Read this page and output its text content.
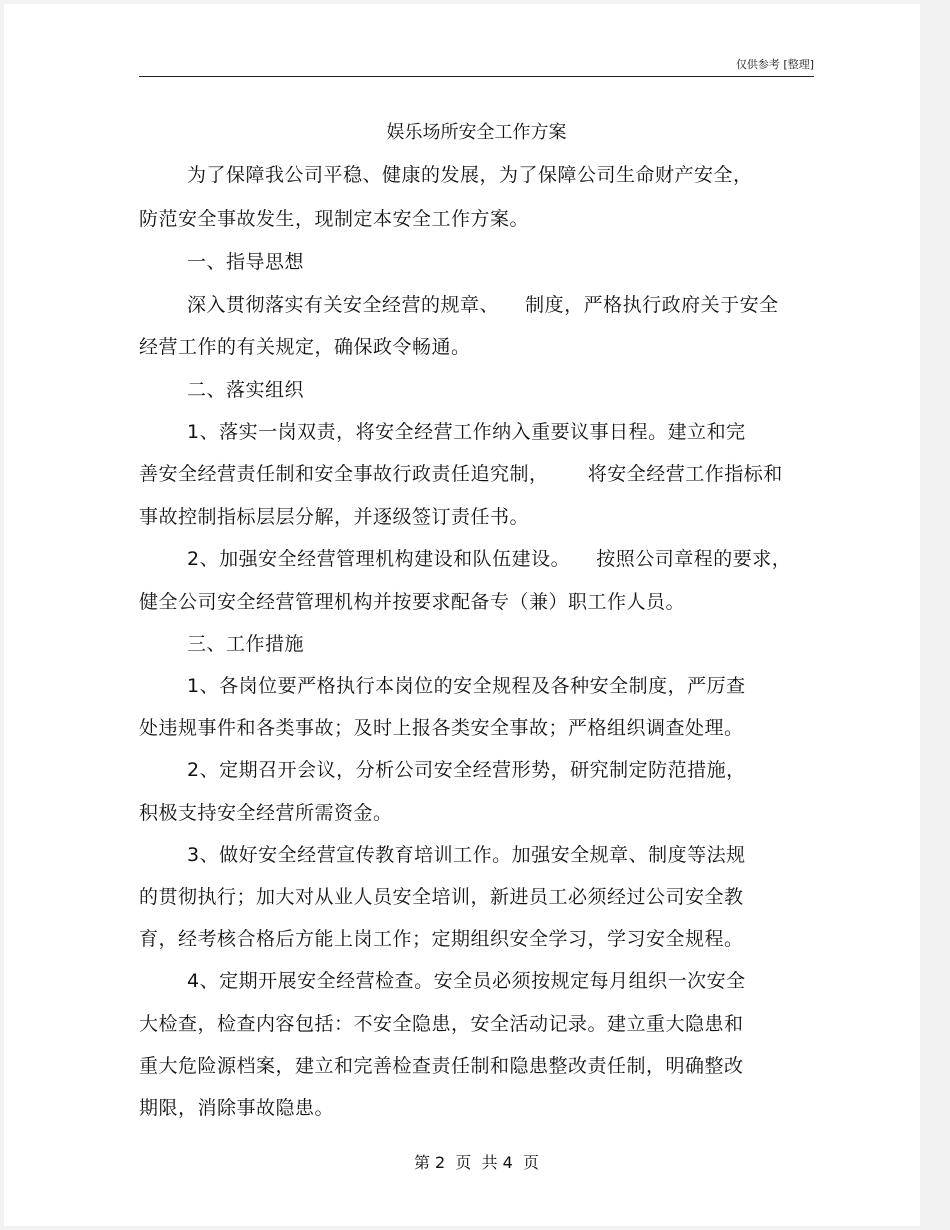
仅供参考 [整理]
娱乐场所安全工作方案
为了保障我公司平稳、健康的发展，为了保障公司生命财产安全，
防范安全事故发生，现制定本安全工作方案。
一、指导思想
深入贯彻落实有关安全经营的规章、    制度，严格执行政府关于安全
经营工作的有关规定，确保政令畅通。
二、落实组织
1、落实一岗双责，将安全经营工作纳入重要议事日程。建立和完
善安全经营责任制和安全事故行政责任追究制，      将安全经营工作指标和
事故控制指标层层分解，并逐级签订责任书。
2、加强安全经营管理机构建设和队伍建设。    按照公司章程的要求，
健全公司安全经营管理机构并按要求配备专（兼）职工作人员。
三、工作措施
1、各岗位要严格执行本岗位的安全规程及各种安全制度，严厉查
处违规事件和各类事故；及时上报各类安全事故；严格组织调查处理。
2、定期召开会议，分析公司安全经营形势，研究制定防范措施，
积极支持安全经营所需资金。
3、做好安全经营宣传教育培训工作。加强安全规章、制度等法规
的贯彻执行；加大对从业人员安全培训，新进员工必须经过公司安全教
育，经考核合格后方能上岗工作；定期组织安全学习，学习安全规程。
4、定期开展安全经营检查。安全员必须按规定每月组织一次安全
大检查，检查内容包括：不安全隐患，安全活动记录。建立重大隐患和
重大危险源档案，建立和完善检查责任制和隐患整改责任制，明确整改
期限，消除事故隐患。
第 2  页  共 4  页
